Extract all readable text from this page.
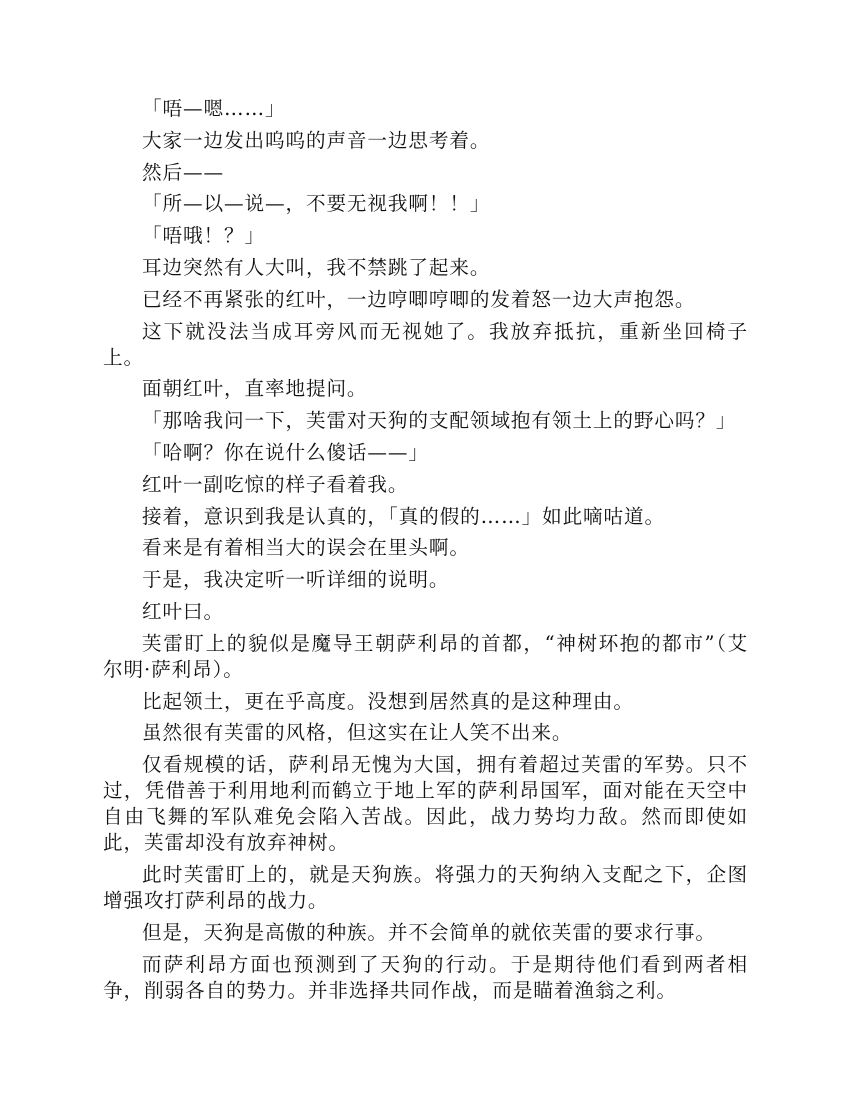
「唔—嗯……」

大家一边发出呜呜的声音一边思考着。

然后——

「所—以—说—，不要无视我啊！！」

「唔哦！？」

耳边突然有人大叫，我不禁跳了起来。

已经不再紧张的红叶，一边哼唧哼唧的发着怒一边大声抱怨。

这下就没法当成耳旁风而无视她了。我放弃抵抗，重新坐回椅子上。

面朝红叶，直率地提问。

「那啥我问一下，芙雷对天狗的支配领域抱有领土上的野心吗？」

「哈啊？你在说什么傻话——」

红叶一副吃惊的样子看着我。

接着，意识到我是认真的，「真的假的……」如此嘀咕道。

看来是有着相当大的误会在里头啊。

于是，我决定听一听详细的说明。

红叶曰。

芙雷盯上的貌似是魔导王朝萨利昂的首都，“神树环抱的都市”（艾尔明·萨利昂）。

比起领土，更在乎高度。没想到居然真的是这种理由。

虽然很有芙雷的风格，但这实在让人笑不出来。

仅看规模的话，萨利昂无愧为大国，拥有着超过芙雷的军势。只不过，凭借善于利用地利而鹤立于地上军的萨利昂国军，面对能在天空中自由飞舞的军队难免会陷入苦战。因此，战力势均力敌。然而即使如此，芙雷却没有放弃神树。

此时芙雷盯上的，就是天狗族。将强力的天狗纳入支配之下，企图增强攻打萨利昂的战力。

但是，天狗是高傲的种族。并不会简单的就依芙雷的要求行事。

而萨利昂方面也预测到了天狗的行动。于是期待他们看到两者相争，削弱各自的势力。并非选择共同作战，而是瞄着渔翁之利。
